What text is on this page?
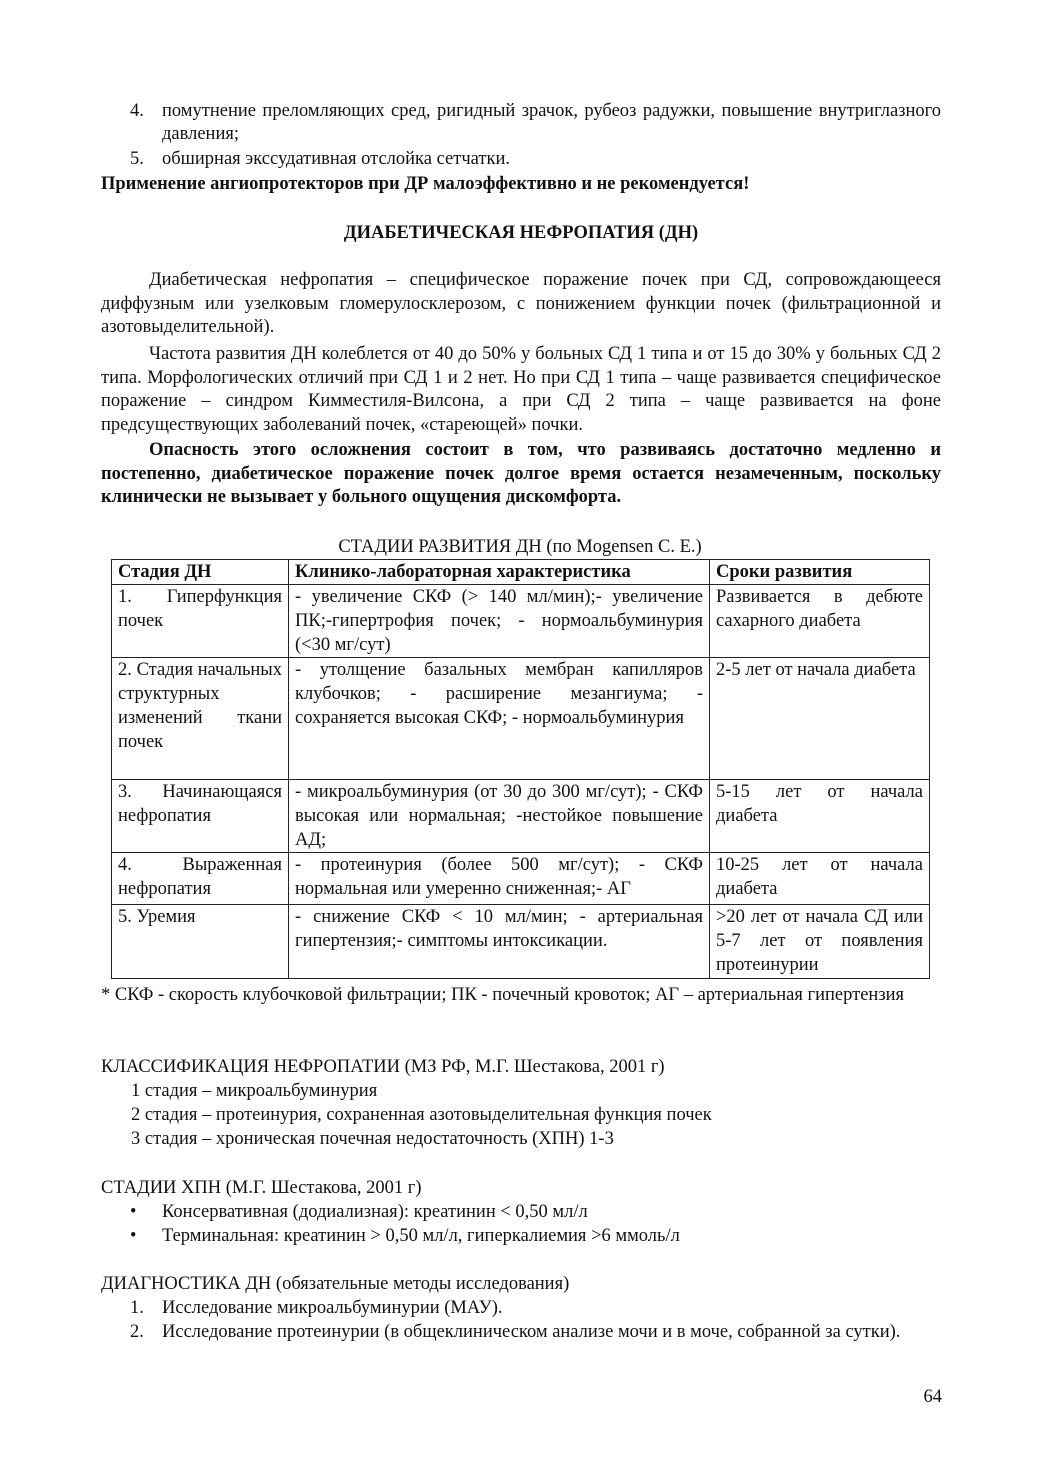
4. помутнение преломляющих сред, ригидный зрачок, рубеоз радужки, повышение внутриглазного давления;
5. обширная экссудативная отслойка сетчатки.
Применение ангиопротекторов при ДР малоэффективно и не рекомендуется!
ДИАБЕТИЧЕСКАЯ НЕФРОПАТИЯ (ДН)
Диабетическая нефропатия – специфическое поражение почек при СД, сопровождающееся диффузным или узелковым гломерулосклерозом, с понижением функции почек (фильтрационной и азотовыделительной).
Частота развития ДН колеблется от 40 до 50% у больных СД 1 типа и от 15 до 30% у больных СД 2 типа. Морфологических отличий при СД 1 и 2 нет. Но при СД 1 типа – чаще развивается специфическое поражение – синдром Кимместиля-Вилсона, а при СД 2 типа – чаще развивается на фоне предсуществующих заболеваний почек, «стареющей» почки.
Опасность этого осложнения состоит в том, что развиваясь достаточно медленно и постепенно, диабетическое поражение почек долгое время остается незамеченным, поскольку клинически не вызывает у больного ощущения дискомфорта.
СТАДИИ РАЗВИТИЯ ДН (по Mogensen C. E.)
Стадия ДН	Клинико-лабораторная характеристика	Сроки развития
1. Гиперфункция почек	- увеличение СКФ (> 140 мл/мин);- увеличение ПК;-гипертрофия почек; - нормоальбуминурия (<30 мг/сут)	Развивается в дебюте сахарного диабета
2. Стадия начальных структурных изменений ткани почек	- утолщение базальных мембран капилляров клубочков; - расширение мезангиума; - сохраняется высокая СКФ; - нормоальбуминурия	2-5 лет от начала диабета
3. Начинающаяся нефропатия	- микроальбуминурия (от 30 до 300 мг/сут); - СКФ высокая или нормальная; -нестойкое повышение АД;	5-15 лет от начала диабета
4. Выраженная нефропатия	- протеинурия (более 500 мг/сут); - СКФ нормальная или умеренно сниженная;- АГ	10-25 лет от начала диабета
5. Уремия	- снижение СКФ < 10 мл/мин; - артериальная гипертензия;- симптомы интоксикации.	>20 лет от начала СД или 5-7 лет от появления протеинурии
* СКФ - скорость клубочковой фильтрации; ПК - почечный кровоток; АГ – артериальная гипертензия
КЛАССИФИКАЦИЯ НЕФРОПАТИИ (МЗ РФ, М.Г. Шестакова, 2001 г)
1 стадия – микроальбуминурия
2 стадия – протеинурия, сохраненная азотовыделительная функция почек
3 стадия – хроническая почечная недостаточность (ХПН) 1-3
СТАДИИ ХПН (М.Г. Шестакова, 2001 г)
• Консервативная (додиализная): креатинин < 0,50 мл/л
• Терминальная: креатинин > 0,50 мл/л, гиперкалиемия >6 ммоль/л
ДИАГНОСТИКА ДН (обязательные методы исследования)
1. Исследование микроальбуминурии (МАУ).
2. Исследование протеинурии (в общеклиническом анализе мочи и в моче, собранной за сутки).
64
